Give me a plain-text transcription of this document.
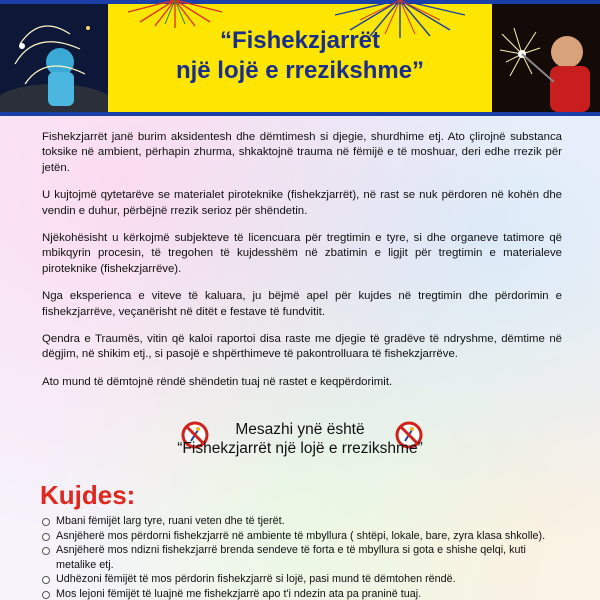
“Fishekzjarrët
një lojë e rrezikshme”

Fishekzjarrët janë burim aksidentesh dhe dëmtimesh si djegie, shurdhime etj. Ato çlirojnë substanca toksike në ambient, përhapin zhurma, shkaktojnë trauma në fëmijë e të moshuar, deri edhe rrezik për jetën.

U kujtojmë qytetarëve se materialet piroteknike (fishekzjarrët), në rast se nuk përdoren në kohën dhe vendin e duhur, përbëjnë rrezik serioz për shëndetin.

Njëkohësisht u kërkojmë subjekteve të licencuara për tregtimin e tyre, si dhe organeve tatimore që mbikqyrin procesin, të tregohen të kujdesshëm në zbatimin e ligjit për tregtimin e materialeve piroteknike (fishekzjarrëve).

Nga eksperienca e viteve të kaluara, ju bëjmë apel për kujdes në tregtimin dhe përdorimin e fishekzjarrëve, veçanërisht në ditët e festave të fundvitit.

Qendra e Traumës, vitin që kaloi raportoi disa raste me djegie të gradëve të ndryshme, dëmtime në dëgjim, në shikim etj., si pasojë e shpërthimeve të pakontrolluara të fishekzjarrëve.

Ato mund të dëmtojnë rëndë shëndetin tuaj në rastet e keqpërdorimit.

Mesazhi ynë është
“Fishekzjarrët një lojë e rrezikshme”
Kujdes:
Mbani fëmijët larg tyre, ruani veten dhe të tjerët.
Asnjëherë mos përdorni fishekzjarrë në ambiente të mbyllura ( shtëpi, lokale, bare, zyra klasa shkolle).
Asnjëherë mos ndizni fishekzjarrë brenda sendeve të forta e të mbyllura si gota e shishe qelqi, kuti metalike etj.
Udhëzoni fëmijët të mos përdorin fishekzjarrë si lojë, pasi mund të dëmtohen rëndë.
Mos lejoni fëmijët të luajnë me fishekzjarrë apo t'i ndezin ata pa praninë tuaj.
